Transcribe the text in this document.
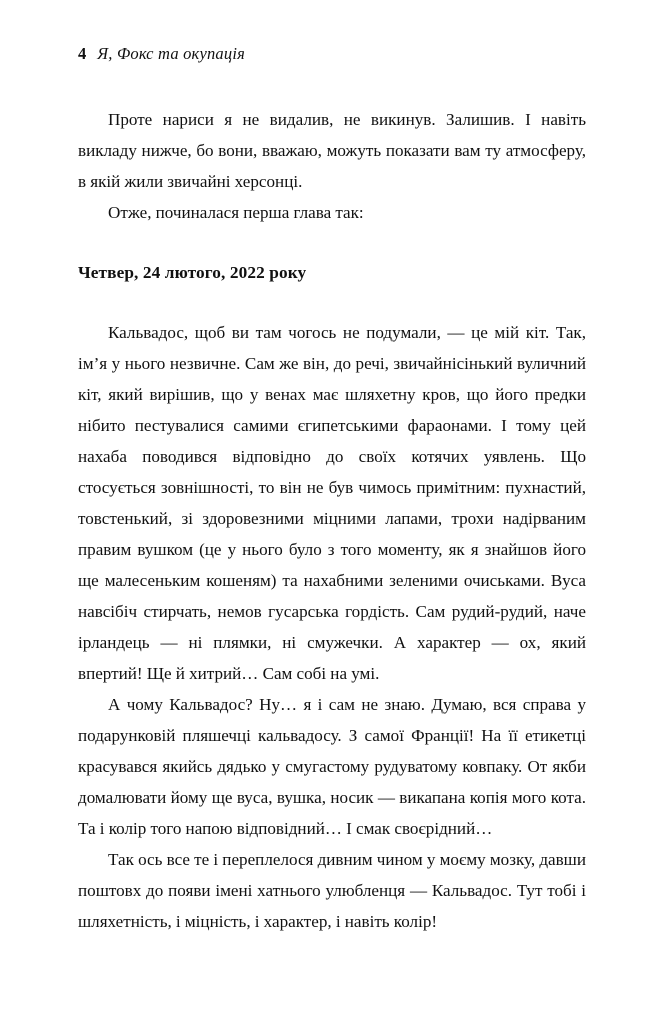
4 Я, Фокс та окупація

Проте нариси я не видалив, не викинув. Залишив. І навіть викладу нижче, бо вони, вважаю, можуть показати вам ту атмосферу, в якій жили звичайні херсонці.

Отже, починалася перша глава так:

Четвер, 24 лютого, 2022 року

Кальвадос, щоб ви там чогось не подумали, — це мій кіт. Так, ім’я у нього незвичне. Сам же він, до речі, звичайнісінький вуличний кіт, який вирішив, що у венах має шляхетну кров, що його предки нібито пестувалися самими єгипетськими фараонами. І тому цей нахаба поводився відповідно до своїх котячих уявлень. Що стосується зовнішності, то він не був чимось примітним: пухнастий, товстенький, зі здоровезними міцними лапами, трохи надірваним правим вушком (це у нього було з того моменту, як я знайшов його ще малесеньким кошеням) та нахабними зеленими очиськами. Вуса навсібіч стирчать, немов гусарська гордість. Сам рудий-рудий, наче ірландець — ні плямки, ні смужечки. А характер — ох, який впертий! Ще й хитрий… Сам собі на умі.

А чому Кальвадос? Ну… я і сам не знаю. Думаю, вся справа у подарунковій пляшечці кальвадосу. З самої Франції! На її етикетці красувався якийсь дядько у смугастому рудуватому ковпаку. От якби домалювати йому ще вуса, вушка, носик — викапана копія мого кота. Та і колір того напою відповідний… І смак своєрідний…

Так ось все те і переплелося дивним чином у моєму мозку, давши поштовх до появи імені хатнього улюбленця — Кальвадос. Тут тобі і шляхетність, і міцність, і характер, і навіть колір!
